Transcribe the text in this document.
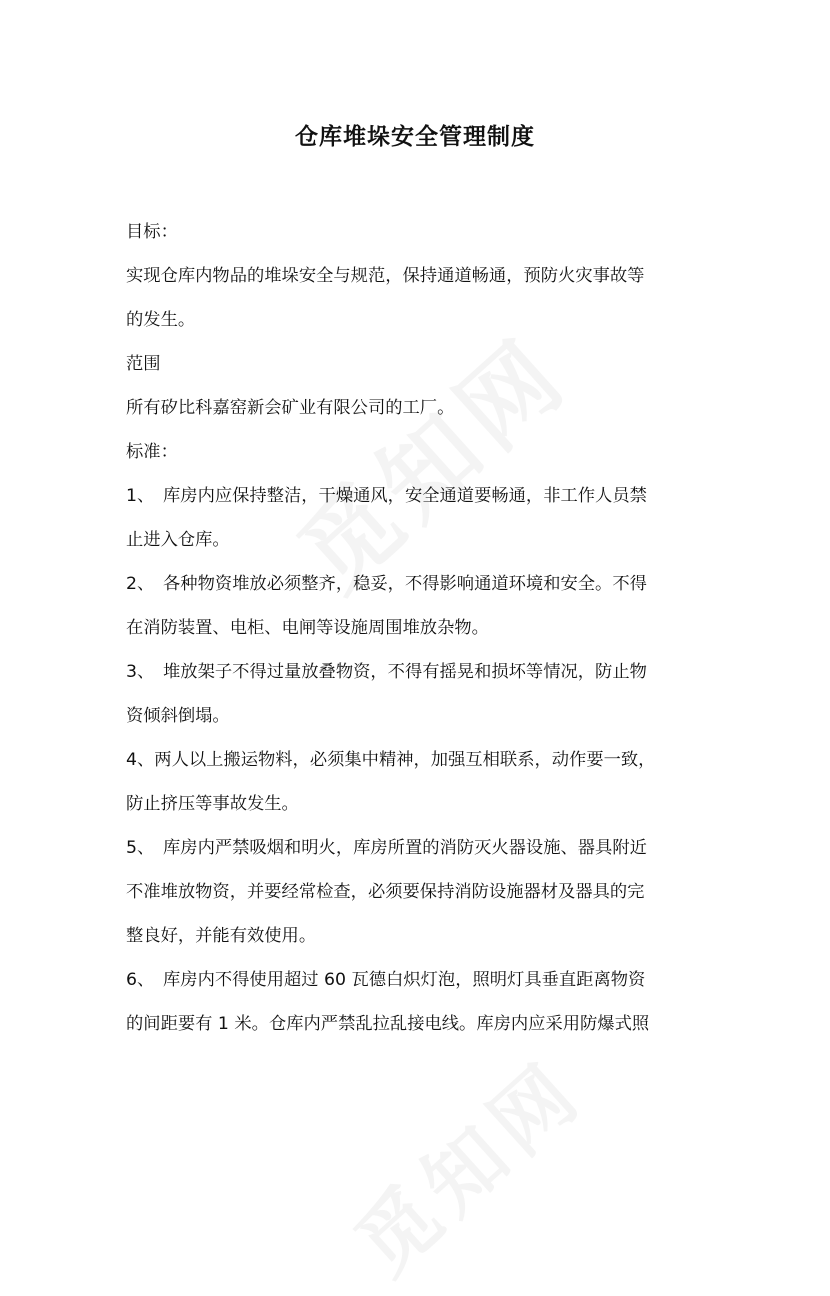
仓库堆垛安全管理制度
目标：
实现仓库内物品的堆垛安全与规范，保持通道畅通，预防火灾事故等
的发生。
范围
所有矽比科嘉窑新会矿业有限公司的工厂。
标准：
1、 库房内应保持整洁，干燥通风，安全通道要畅通，非工作人员禁
止进入仓库。
2、 各种物资堆放必须整齐，稳妥，不得影响通道环境和安全。不得
在消防装置、电柜、电闸等设施周围堆放杂物。
3、 堆放架子不得过量放叠物资，不得有摇晃和损坏等情况，防止物
资倾斜倒塌。
4、两人以上搬运物料，必须集中精神，加强互相联系，动作要一致，
防止挤压等事故发生。
5、 库房内严禁吸烟和明火，库房所置的消防灭火器设施、器具附近
不准堆放物资，并要经常检查，必须要保持消防设施器材及器具的完
整良好，并能有效使用。
6、 库房内不得使用超过 60 瓦德白炽灯泡，照明灯具垂直距离物资
的间距要有 1 米。仓库内严禁乱拉乱接电线。库房内应采用防爆式照
